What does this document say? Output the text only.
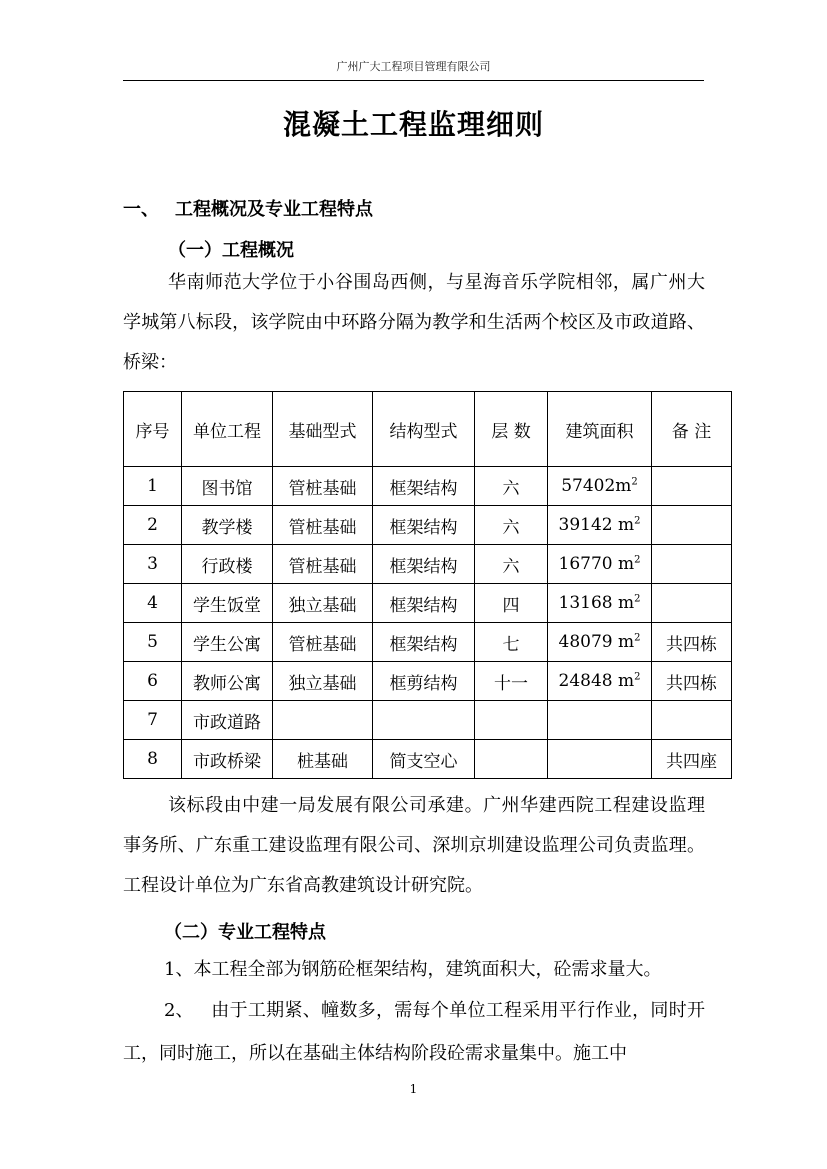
广州广大工程项目管理有限公司
混凝土工程监理细则
一、 工程概况及专业工程特点
（一）工程概况
华南师范大学位于小谷围岛西侧，与星海音乐学院相邻，属广州大学城第八标段，该学院由中环路分隔为教学和生活两个校区及市政道路、桥梁：
序号	单位工程	基础型式	结构型式	层 数	建筑面积	备 注
1	图书馆	管桩基础	框架结构	六	$57402m^2$	
2	教学楼	管桩基础	框架结构	六	39142 $m^2$	
3	行政楼	管桩基础	框架结构	六	16770 $m^2$	
4	学生饭堂	独立基础	框架结构	四	13168 $m^2$	
5	学生公寓	管桩基础	框架结构	七	48079 $m^2$	共四栋
6	教师公寓	独立基础	框剪结构	十一	24848 $m^2$	共四栋
7	市政道路					
8	市政桥梁	桩基础	简支空心			共四座
该标段由中建一局发展有限公司承建。广州华建西院工程建设监理事务所、广东重工建设监理有限公司、深圳京圳建设监理公司负责监理。工程设计单位为广东省高教建筑设计研究院。
（二）专业工程特点
1、本工程全部为钢筋砼框架结构，建筑面积大，砼需求量大。
2、 由于工期紧、幢数多，需每个单位工程采用平行作业，同时开工，同时施工，所以在基础主体结构阶段砼需求量集中。施工中
1
